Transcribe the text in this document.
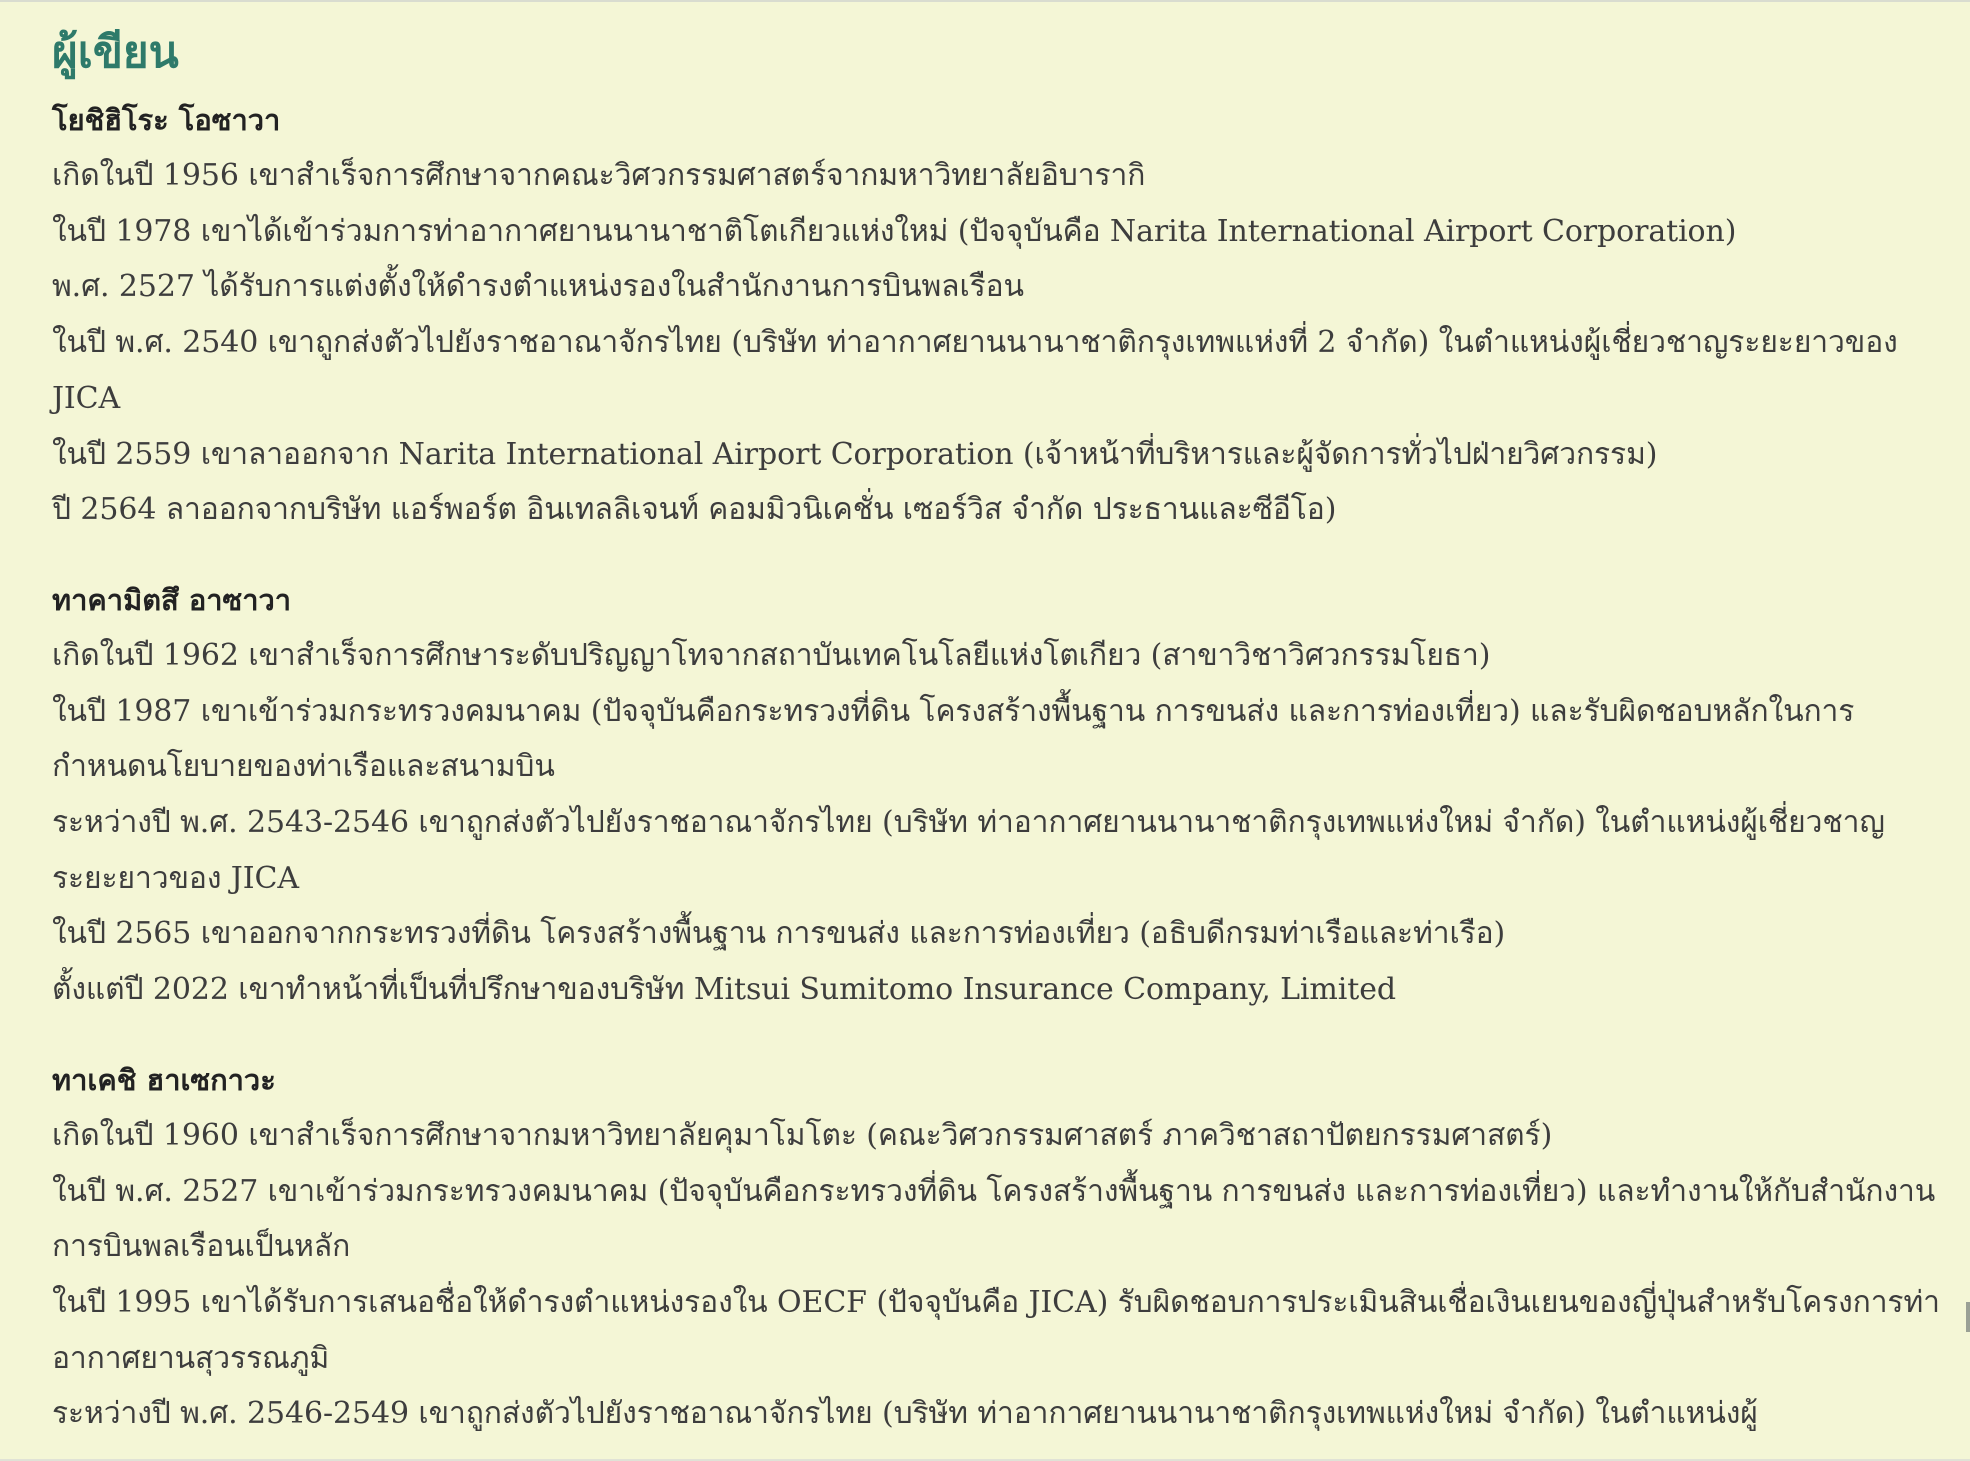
ผู้เขียน
โยชิฮิโระ โอซาวา
เกิดในปี 1956 เขาสำเร็จการศึกษาจากคณะวิศวกรรมศาสตร์จากมหาวิทยาลัยอิบารากิ
ในปี 1978 เขาได้เข้าร่วมการท่าอากาศยานนานาชาติโตเกียวแห่งใหม่ (ปัจจุบันคือ Narita International Airport Corporation)
พ.ศ. 2527 ได้รับการแต่งตั้งให้ดำรงตำแหน่งรองในสำนักงานการบินพลเรือน
ในปี พ.ศ. 2540 เขาถูกส่งตัวไปยังราชอาณาจักรไทย (บริษัท ท่าอากาศยานนานาชาติกรุงเทพแห่งที่ 2 จำกัด) ในตำแหน่งผู้เชี่ยวชาญระยะยาวของ JICA
ในปี 2559 เขาลาออกจาก Narita International Airport Corporation (เจ้าหน้าที่บริหารและผู้จัดการทั่วไปฝ่ายวิศวกรรม)
ปี 2564 ลาออกจากบริษัท แอร์พอร์ต อินเทลลิเจนท์ คอมมิวนิเคชั่น เซอร์วิส จำกัด ประธานและซีอีโอ)
ทาคามิตสึ อาซาวา
เกิดในปี 1962 เขาสำเร็จการศึกษาระดับปริญญาโทจากสถาบันเทคโนโลยีแห่งโตเกียว (สาขาวิชาวิศวกรรมโยธา)
ในปี 1987 เขาเข้าร่วมกระทรวงคมนาคม (ปัจจุบันคือกระทรวงที่ดิน โครงสร้างพื้นฐาน การขนส่ง และการท่องเที่ยว) และรับผิดชอบหลักในการกำหนดนโยบายของท่าเรือและสนามบิน
ระหว่างปี พ.ศ. 2543-2546 เขาถูกส่งตัวไปยังราชอาณาจักรไทย (บริษัท ท่าอากาศยานนานาชาติกรุงเทพแห่งใหม่ จำกัด) ในตำแหน่งผู้เชี่ยวชาญระยะยาวของ JICA
ในปี 2565 เขาออกจากกระทรวงที่ดิน โครงสร้างพื้นฐาน การขนส่ง และการท่องเที่ยว (อธิบดีกรมท่าเรือและท่าเรือ)
ตั้งแต่ปี 2022 เขาทำหน้าที่เป็นที่ปรึกษาของบริษัท Mitsui Sumitomo Insurance Company, Limited
ทาเคชิ ฮาเซกาวะ
เกิดในปี 1960 เขาสำเร็จการศึกษาจากมหาวิทยาลัยคุมาโมโตะ (คณะวิศวกรรมศาสตร์ ภาควิชาสถาปัตยกรรมศาสตร์)
ในปี พ.ศ. 2527 เขาเข้าร่วมกระทรวงคมนาคม (ปัจจุบันคือกระทรวงที่ดิน โครงสร้างพื้นฐาน การขนส่ง และการท่องเที่ยว) และทำงานให้กับสำนักงานการบินพลเรือนเป็นหลัก
ในปี 1995 เขาได้รับการเสนอชื่อให้ดำรงตำแหน่งรองใน OECF (ปัจจุบันคือ JICA) รับผิดชอบการประเมินสินเชื่อเงินเยนของญี่ปุ่นสำหรับโครงการท่าอากาศยานสุวรรณภูมิ
ระหว่างปี พ.ศ. 2546-2549 เขาถูกส่งตัวไปยังราชอาณาจักรไทย (บริษัท ท่าอากาศยานนานาชาติกรุงเทพแห่งใหม่ จำกัด) ในตำแหน่งผู้
